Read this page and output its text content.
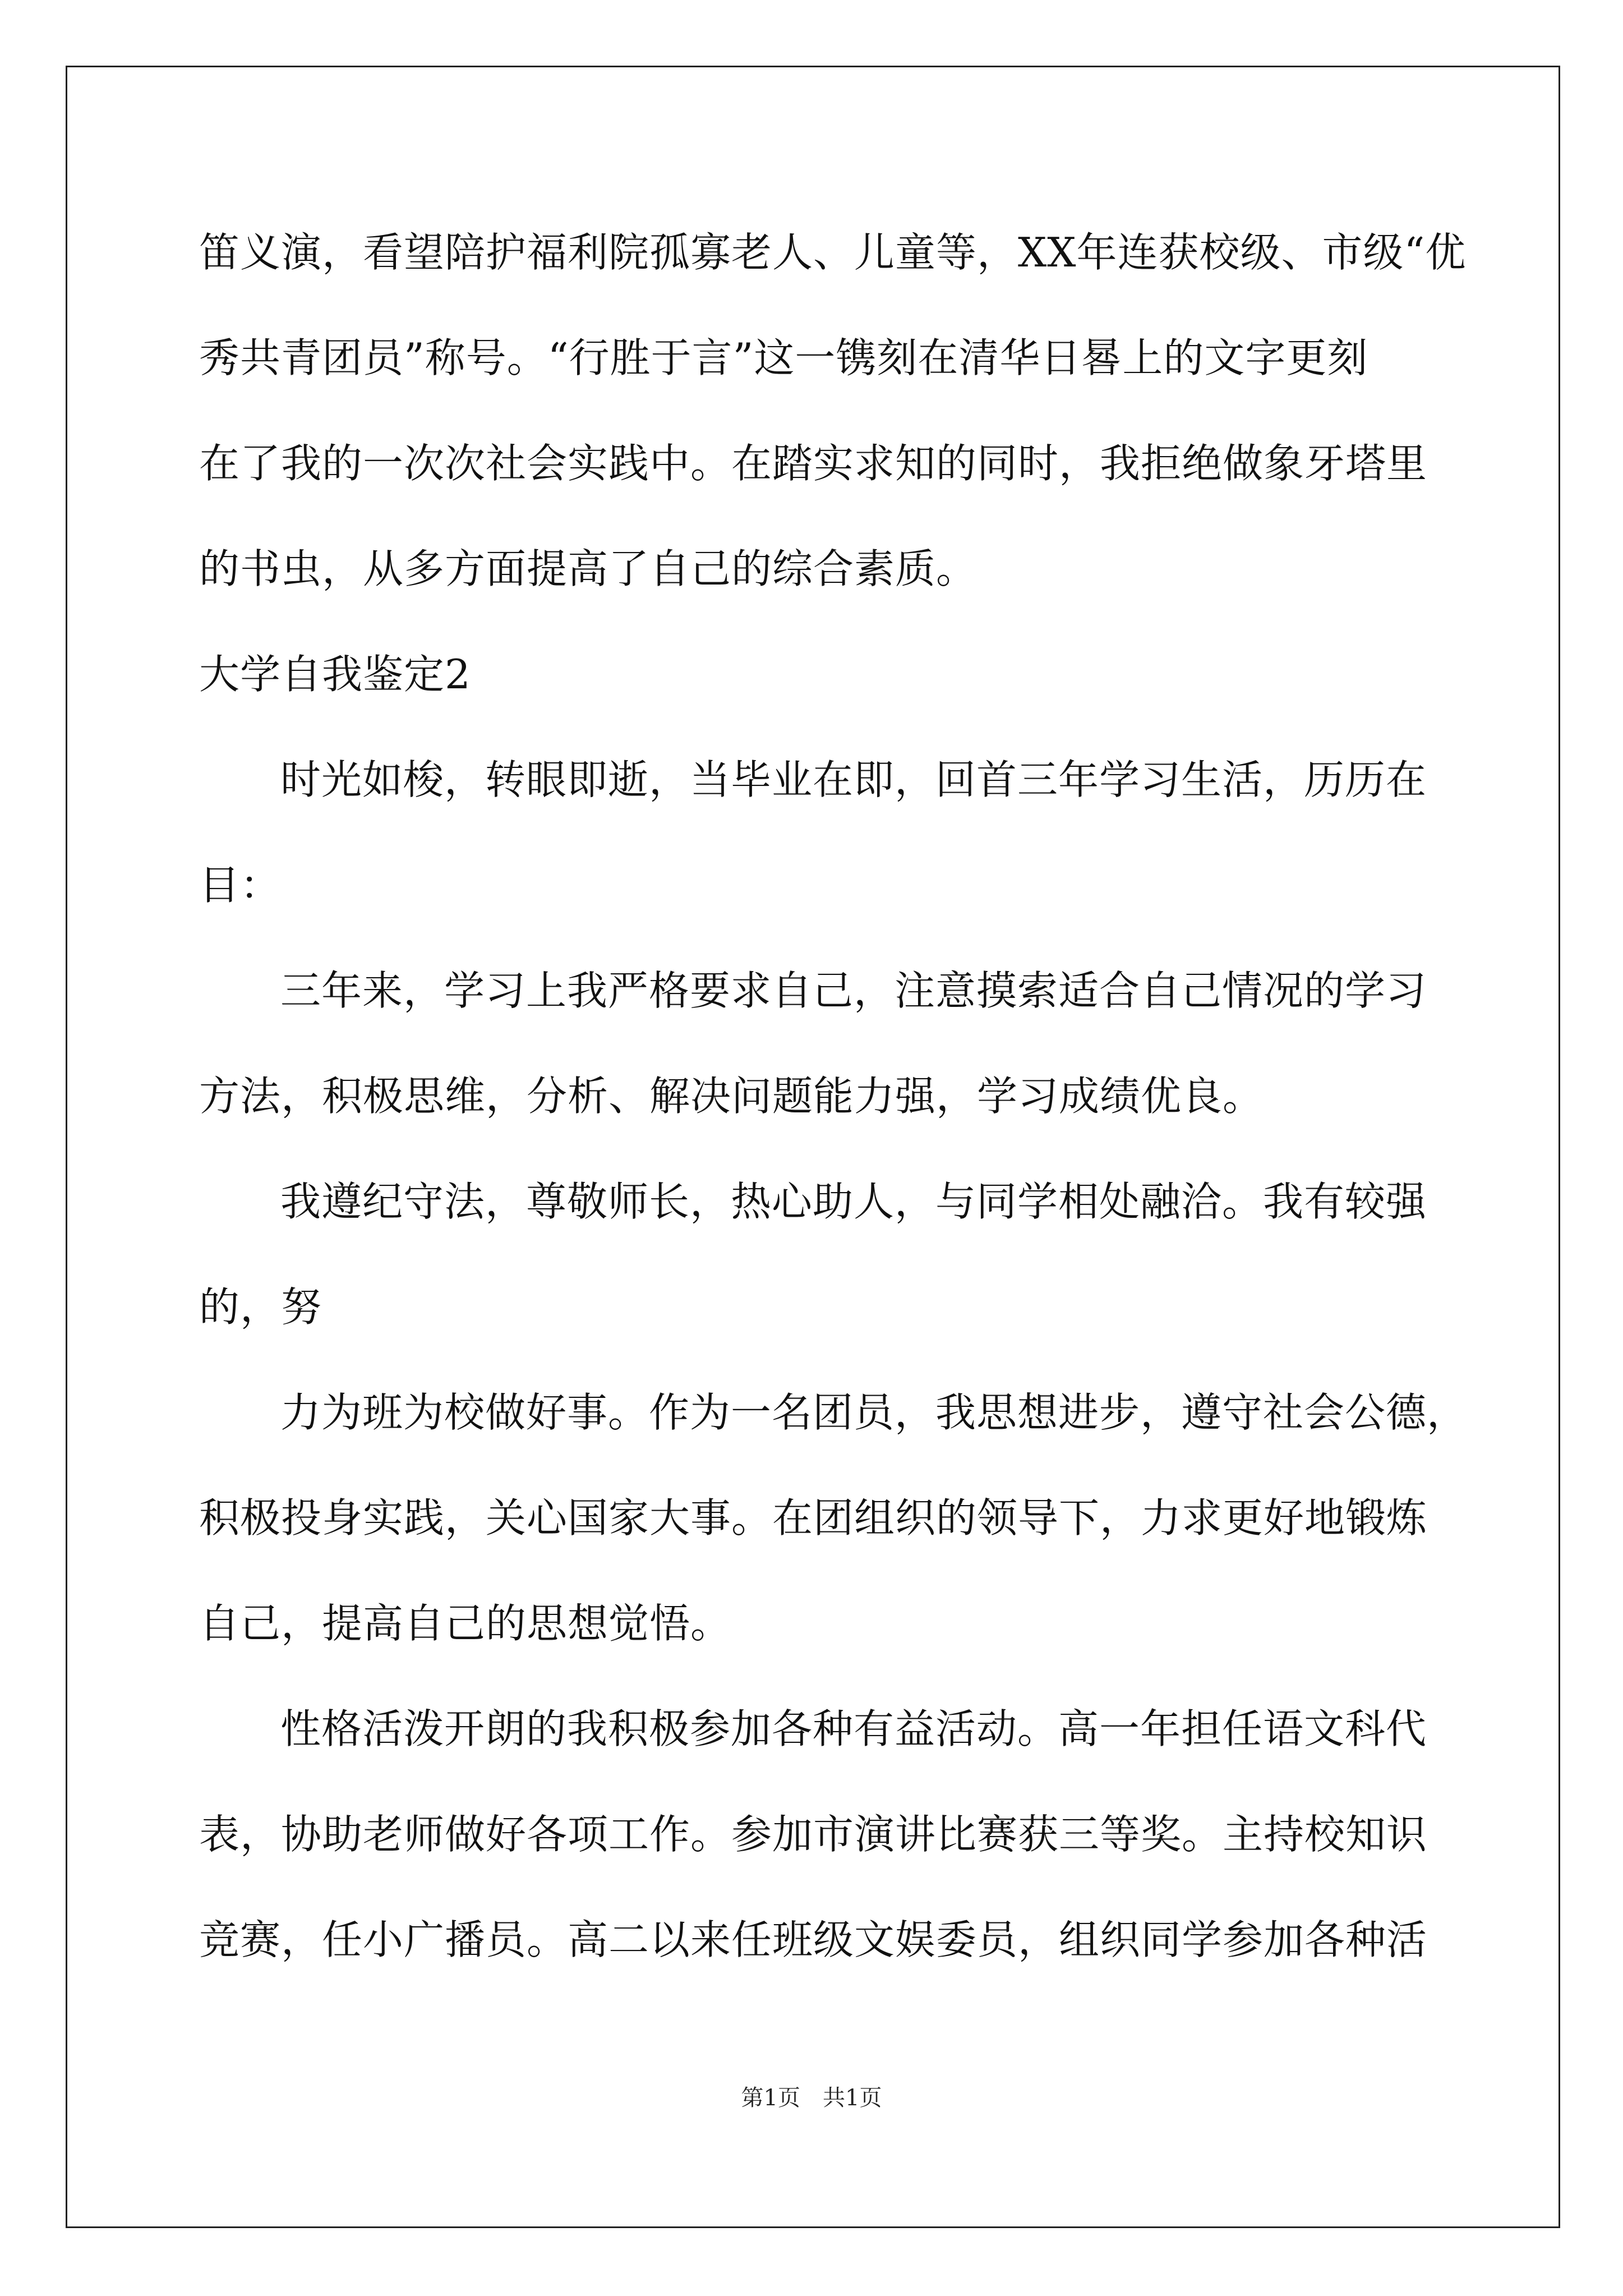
笛义演，看望陪护福利院孤寡老人、儿童等，XX年连获校级、市级“优
秀共青团员”称号。“行胜于言”这一镌刻在清华日晷上的文字更刻
在了我的一次次社会实践中。在踏实求知的同时，我拒绝做象牙塔里
的书虫，从多方面提高了自己的综合素质。
大学自我鉴定2
时光如梭，转眼即逝，当毕业在即，回首三年学习生活，历历在
目：
三年来，学习上我严格要求自己，注意摸索适合自己情况的学习
方法，积极思维，分析、解决问题能力强，学习成绩优良。
我遵纪守法，尊敬师长，热心助人，与同学相处融洽。我有较强
的，努
力为班为校做好事。作为一名团员，我思想进步，遵守社会公德，
积极投身实践，关心国家大事。在团组织的领导下，力求更好地锻炼
自己，提高自己的思想觉悟。
性格活泼开朗的我积极参加各种有益活动。高一年担任语文科代
表，协助老师做好各项工作。参加市演讲比赛获三等奖。主持校知识
竞赛，任小广播员。高二以来任班级文娱委员，组织同学参加各种活
第1页　共1页
